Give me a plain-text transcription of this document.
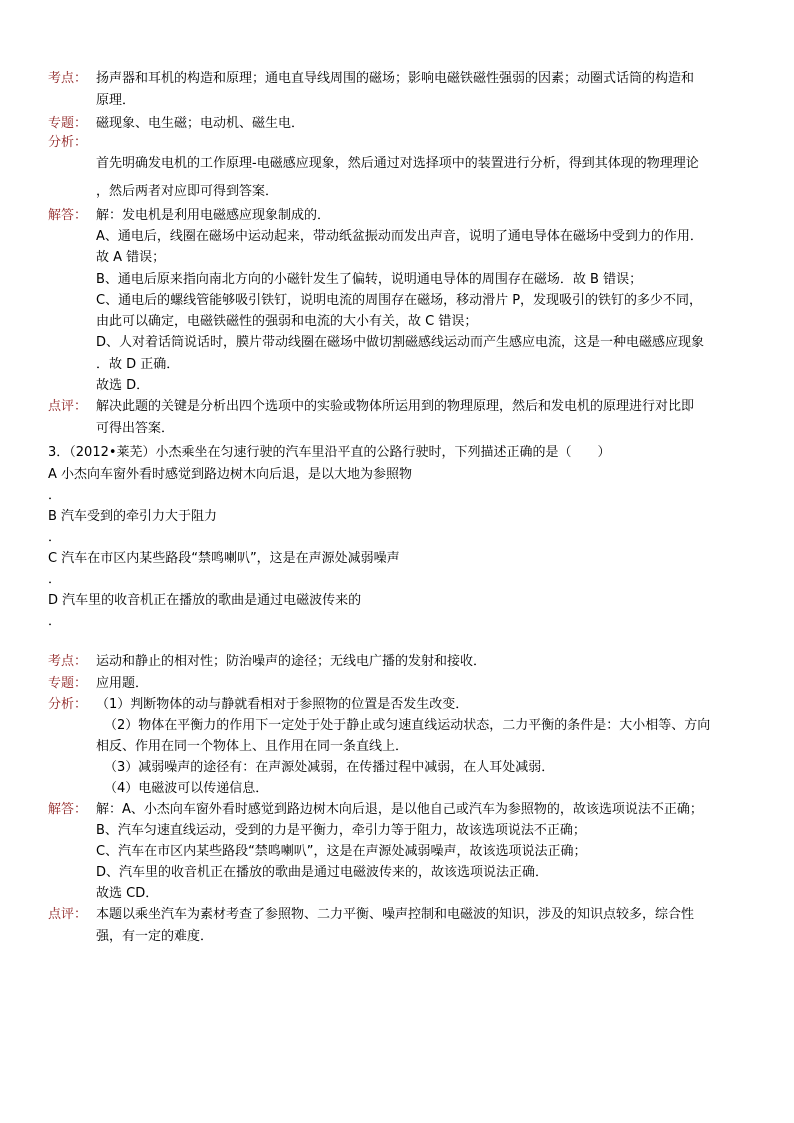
考点： 扬声器和耳机的构造和原理；通电直导线周围的磁场；影响电磁铁磁性强弱的因素；动圈式话筒的构造和
原理．
专题： 磁现象、电生磁；电动机、磁生电．
分析：
首先明确发电机的工作原理-电磁感应现象，然后通过对选择项中的装置进行分析，得到其体现的物理理论
，然后两者对应即可得到答案．
解答： 解：发电机是利用电磁感应现象制成的．
A、通电后，线圈在磁场中运动起来，带动纸盆振动而发出声音，说明了通电导体在磁场中受到力的作用．
故 A 错误；
B、通电后原来指向南北方向的小磁针发生了偏转，说明通电导体的周围存在磁场．故 B 错误；
C、通电后的螺线管能够吸引铁钉，说明电流的周围存在磁场，移动滑片 P，发现吸引的铁钉的多少不同，
由此可以确定，电磁铁磁性的强弱和电流的大小有关，故 C 错误；
D、人对着话筒说话时，膜片带动线圈在磁场中做切割磁感线运动而产生感应电流，这是一种电磁感应现象
．故 D 正确．
故选 D．
点评： 解决此题的关键是分析出四个选项中的实验或物体所运用到的物理原理，然后和发电机的原理进行对比即
可得出答案．
3．（2012•莱芜）小杰乘坐在匀速行驶的汽车里沿平直的公路行驶时，下列描述正确的是（　　）
A 小杰向车窗外看时感觉到路边树木向后退，是以大地为参照物
．
B 汽车受到的牵引力大于阻力
．
C 汽车在市区内某些路段“禁鸣喇叭”，这是在声源处减弱噪声
．
D 汽车里的收音机正在播放的歌曲是通过电磁波传来的
．
考点： 运动和静止的相对性；防治噪声的途径；无线电广播的发射和接收．
专题： 应用题．
分析： （1）判断物体的动与静就看相对于参照物的位置是否发生改变．
（2）物体在平衡力的作用下一定处于处于静止或匀速直线运动状态，二力平衡的条件是：大小相等、方向
相反、作用在同一个物体上、且作用在同一条直线上．
（3）减弱噪声的途径有：在声源处减弱，在传播过程中减弱，在人耳处减弱．
（4）电磁波可以传递信息．
解答： 解：A、小杰向车窗外看时感觉到路边树木向后退，是以他自己或汽车为参照物的，故该选项说法不正确；
B、汽车匀速直线运动，受到的力是平衡力，牵引力等于阻力，故该选项说法不正确；
C、汽车在市区内某些路段“禁鸣喇叭”，这是在声源处减弱噪声，故该选项说法正确；
D、汽车里的收音机正在播放的歌曲是通过电磁波传来的，故该选项说法正确．
故选 CD．
点评： 本题以乘坐汽车为素材考查了参照物、二力平衡、噪声控制和电磁波的知识，涉及的知识点较多，综合性
强，有一定的难度．
